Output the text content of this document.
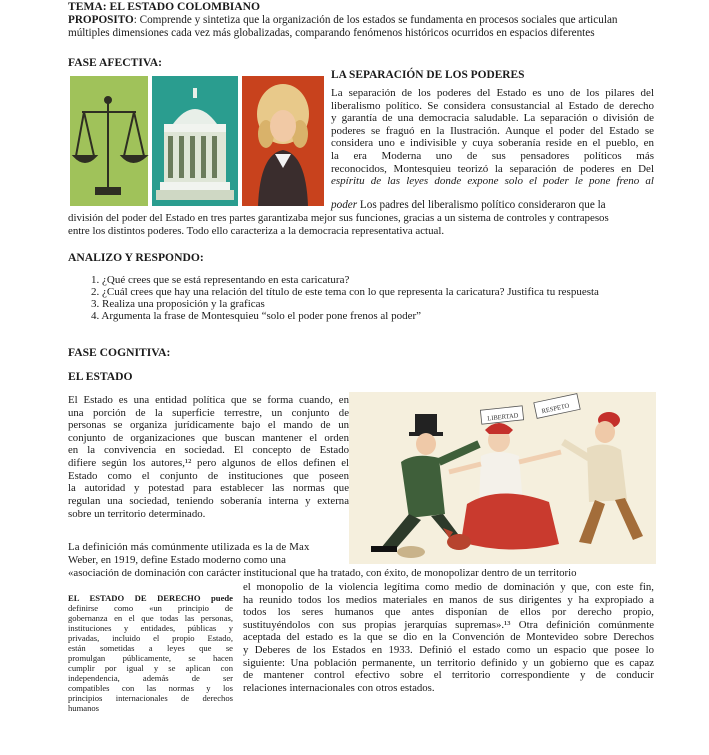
TEMA: EL ESTADO COLOMBIANO
PROPOSITO: Comprende y sintetiza que la organización de los estados se fundamenta en procesos sociales que articulan
múltiples dimensiones cada vez más globalizadas, comparando fenómenos históricos ocurridos en espacios diferentes
FASE AFECTIVA:
LA SEPARACIÓN DE LOS PODERES
La separación de los poderes del Estado es uno de los pilares del
liberalismo político. Se considera consustancial al Estado de derecho
y garantía de una democracia saludable. La separación o división de
poderes se fraguó en la Ilustración. Aunque el poder del Estado se
considera uno e indivisible y cuya soberanía reside en el pueblo, en
la era Moderna uno de sus pensadores políticos más
reconocidos, Montesquieu teorizó la separación de poderes en Del
espíritu de las leyes donde expone solo el poder le pone freno al
poder Los padres del liberalismo político consideraron que la
división del poder del Estado en tres partes garantizaba mejor sus funciones, gracias a un sistema de controles y contrapesos
entre los distintos poderes. Todo ello caracteriza a la democracia representativa actual.
ANALIZO Y RESPONDO:
1. ¿Qué crees que se está representando en esta caricatura?
2. ¿Cuál crees que hay una relación del título de este tema con lo que representa la caricatura? Justifica tu respuesta
3. Realiza una proposición y la graficas
4. Argumenta la frase de Montesquieu “solo el poder pone frenos al poder”
FASE COGNITIVA:
EL ESTADO
El Estado es una entidad política que se forma cuando, en
una porción de la superficie terrestre, un conjunto de
personas se organiza jurídicamente bajo el mando de un
conjunto de organizaciones que buscan mantener el orden
en la convivencia en sociedad. El concepto de Estado
difiere según los autores,¹² pero algunos de ellos definen el
Estado como el conjunto de instituciones que poseen
la autoridad y potestad para establecer las normas que
regulan una sociedad, teniendo soberanía interna y externa
sobre un territorio determinado.
La definición más comúnmente utilizada es la de Max
Weber, en 1919, define Estado moderno como una
«asociación de dominación con carácter institucional que ha tratado, con éxito, de monopolizar dentro de un territorio
LIBERTAD
RESPETO
EL ESTADO DE DERECHO puede
definirse como «un principio de
gobernanza en el que todas las personas,
instituciones y entidades, públicas y
privadas, incluido el propio Estado,
están sometidas a leyes que se
promulgan públicamente, se hacen
cumplir por igual y se aplican con
independencia, además de ser
compatibles con las normas y los
principios internacionales de derechos
humanos
el monopolio de la violencia legítima como medio de dominación y que, con este fin,
ha reunido todos los medios materiales en manos de sus dirigentes y ha expropiado a
todos los seres humanos que antes disponían de ellos por derecho propio,
sustituyéndolos con sus propias jerarquías supremas».¹³ Otra definición comúnmente
aceptada del estado es la que se dio en la Convención de Montevideo sobre Derechos
y Deberes de los Estados en 1933. Definió el estado como un espacio que posee lo
siguiente: Una población permanente, un territorio definido y un gobierno que es capaz
de mantener control efectivo sobre el territorio correspondiente y de conducir
relaciones internacionales con otros estados.
